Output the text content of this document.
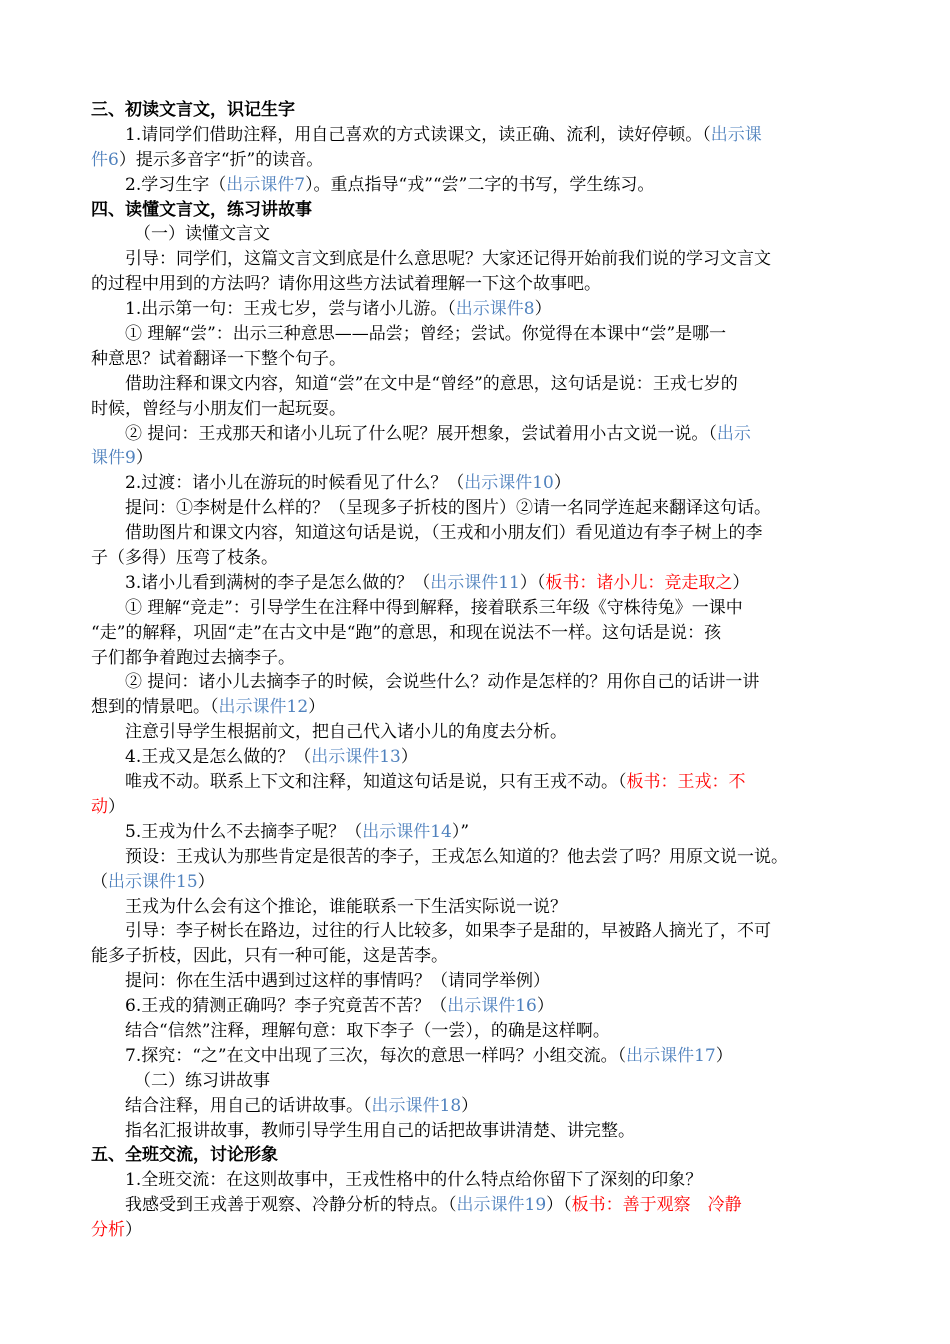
三、初读文言文，识记生字
1.请同学们借助注释，用自己喜欢的方式读课文，读正确、流利，读好停顿。（出示课
件6）提示多音字“折”的读音。
2.学习生字（出示课件7）。重点指导“戎”“尝”二字的书写，学生练习。
四、读懂文言文，练习讲故事
（一）读懂文言文
引导：同学们，这篇文言文到底是什么意思呢？大家还记得开始前我们说的学习文言文
的过程中用到的方法吗？请你用这些方法试着理解一下这个故事吧。
1.出示第一句：王戎七岁，尝与诸小儿游。（出示课件8）
① 理解“尝”：出示三种意思——品尝；曾经；尝试。你觉得在本课中“尝”是哪一
种意思？试着翻译一下整个句子。
借助注释和课文内容，知道“尝”在文中是“曾经”的意思，这句话是说：王戎七岁的
时候，曾经与小朋友们一起玩耍。
② 提问：王戎那天和诸小儿玩了什么呢？展开想象，尝试着用小古文说一说。（出示
课件9）
2.过渡：诸小儿在游玩的时候看见了什么？（出示课件10）
提问：①李树是什么样的？（呈现多子折枝的图片）②请一名同学连起来翻译这句话。
借助图片和课文内容，知道这句话是说，（王戎和小朋友们）看见道边有李子树上的李
子（多得）压弯了枝条。
3.诸小儿看到满树的李子是怎么做的？（出示课件11）（板书：诸小儿：竞走取之）
① 理解“竞走”：引导学生在注释中得到解释，接着联系三年级《守株待兔》一课中
“走”的解释，巩固“走”在古文中是“跑”的意思，和现在说法不一样。这句话是说：孩
子们都争着跑过去摘李子。
② 提问：诸小儿去摘李子的时候，会说些什么？动作是怎样的？用你自己的话讲一讲
想到的情景吧。（出示课件12）
注意引导学生根据前文，把自己代入诸小儿的角度去分析。
4.王戎又是怎么做的？（出示课件13）
唯戎不动。联系上下文和注释，知道这句话是说，只有王戎不动。（板书：王戎：不
动）
5.王戎为什么不去摘李子呢？（出示课件14）”
预设：王戎认为那些肯定是很苦的李子，王戎怎么知道的？他去尝了吗？用原文说一说。
（出示课件15）
王戎为什么会有这个推论，谁能联系一下生活实际说一说？
引导：李子树长在路边，过往的行人比较多，如果李子是甜的，早被路人摘光了，不可
能多子折枝，因此，只有一种可能，这是苦李。
提问：你在生活中遇到过这样的事情吗？（请同学举例）
6.王戎的猜测正确吗？李子究竟苦不苦？（出示课件16）
结合“信然”注释，理解句意：取下李子（一尝），的确是这样啊。
7.探究：“之”在文中出现了三次，每次的意思一样吗？小组交流。（出示课件17）
（二）练习讲故事
结合注释，用自己的话讲故事。（出示课件18）
指名汇报讲故事，教师引导学生用自己的话把故事讲清楚、讲完整。
五、全班交流，讨论形象
1.全班交流：在这则故事中，王戎性格中的什么特点给你留下了深刻的印象？
我感受到王戎善于观察、冷静分析的特点。（出示课件19）（板书：善于观察　冷静
分析）
